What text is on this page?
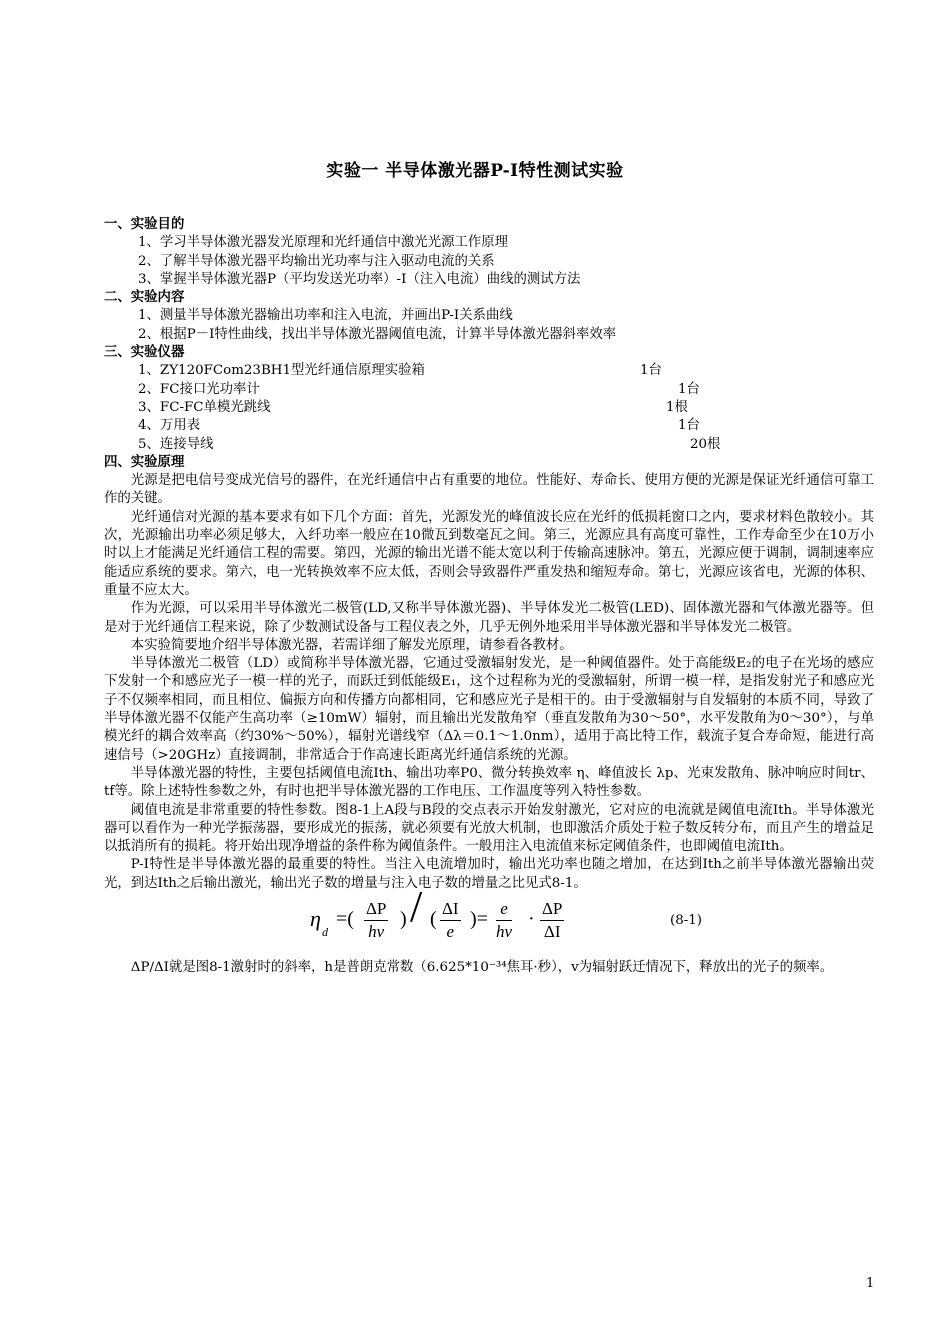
实验一 半导体激光器P-I特性测试实验
一、实验目的
1、学习半导体激光器发光原理和光纤通信中激光光源工作原理
2、了解半导体激光器平均输出光功率与注入驱动电流的关系
3、掌握半导体激光器P（平均发送光功率）-I（注入电流）曲线的测试方法
二、实验内容
1、测量半导体激光器输出功率和注入电流，并画出P-I关系曲线
2、根据P－I特性曲线，找出半导体激光器阈值电流，计算半导体激光器斜率效率
三、实验仪器
1、ZY120FCom23BH1型光纤通信原理实验箱	1台
2、FC接口光功率计	1台
3、FC-FC单模光跳线	1根
4、万用表	1台
5、连接导线	20根
四、实验原理
光源是把电信号变成光信号的器件，在光纤通信中占有重要的地位。性能好、寿命长、使用方便的光源是保证光纤通信可靠工作的关键。
光纤通信对光源的基本要求有如下几个方面：首先，光源发光的峰值波长应在光纤的低损耗窗口之内，要求材料色散较小。其次，光源输出功率必须足够大，入纤功率一般应在10微瓦到数毫瓦之间。第三，光源应具有高度可靠性，工作寿命至少在10万小时以上才能满足光纤通信工程的需要。第四，光源的输出光谱不能太宽以利于传输高速脉冲。第五，光源应便于调制，调制速率应能适应系统的要求。第六，电一光转换效率不应太低，否则会导致器件严重发热和缩短寿命。第七，光源应该省电，光源的体积、重量不应太大。
作为光源，可以采用半导体激光二极管(LD,又称半导体激光器)、半导体发光二极管(LED)、固体激光器和气体激光器等。但是对于光纤通信工程来说，除了少数测试设备与工程仪表之外，几乎无例外地采用半导体激光器和半导体发光二极管。
本实验简要地介绍半导体激光器，若需详细了解发光原理，请参看各教材。
半导体激光二极管（LD）或简称半导体激光器，它通过受激辐射发光，是一种阈值器件。处于高能级E₂的电子在光场的感应下发射一个和感应光子一模一样的光子，而跃迁到低能级E₁，这个过程称为光的受激辐射，所谓一模一样，是指发射光子和感应光子不仅频率相同，而且相位、偏振方向和传播方向都相同，它和感应光子是相干的。由于受激辐射与自发辐射的本质不同，导致了半导体激光器不仅能产生高功率（≥10mW）辐射，而且输出光发散角窄（垂直发散角为30～50°，水平发散角为0～30°），与单模光纤的耦合效率高（约30%～50%），辐射光谱线窄（Δλ＝0.1～1.0nm），适用于高比特工作，载流子复合寿命短，能进行高速信号（>20GHz）直接调制，非常适合于作高速长距离光纤通信系统的光源。
半导体激光器的特性，主要包括阈值电流Ith、输出功率P0、微分转换效率 η、峰值波长 λp、光束发散角、脉冲响应时间tr、tf等。除上述特性参数之外，有时也把半导体激光器的工作电压、工作温度等列入特性参数。
阈值电流是非常重要的特性参数。图8-1上A段与B段的交点表示开始发射激光，它对应的电流就是阈值电流Ith。半导体激光器可以看作为一种光学振荡器，要形成光的振荡，就必须要有光放大机制，也即激活介质处于粒子数反转分布，而且产生的增益足以抵消所有的损耗。将开始出现净增益的条件称为阈值条件。一般用注入电流值来标定阈值条件，也即阈值电流Ith。
P-I特性是半导体激光器的最重要的特性。当注入电流增加时，输出光功率也随之增加，在达到Ith之前半导体激光器输出荧光，到达Ith之后输出激光，输出光子数的增量与注入电子数的增量之比见式8-1。
η
d
=( $\frac{\Delta P}{h\nu}$ ) / ( $\frac{\Delta I}{e}$ )= $\frac{e}{h\nu} \cdot \frac{\Delta P}{\Delta I}$	(8-1)
ΔP/ΔI就是图8-1激射时的斜率，h是普朗克常数（6.625*10⁻³⁴焦耳·秒），v为辐射跃迁情况下，释放出的光子的频率。
1
